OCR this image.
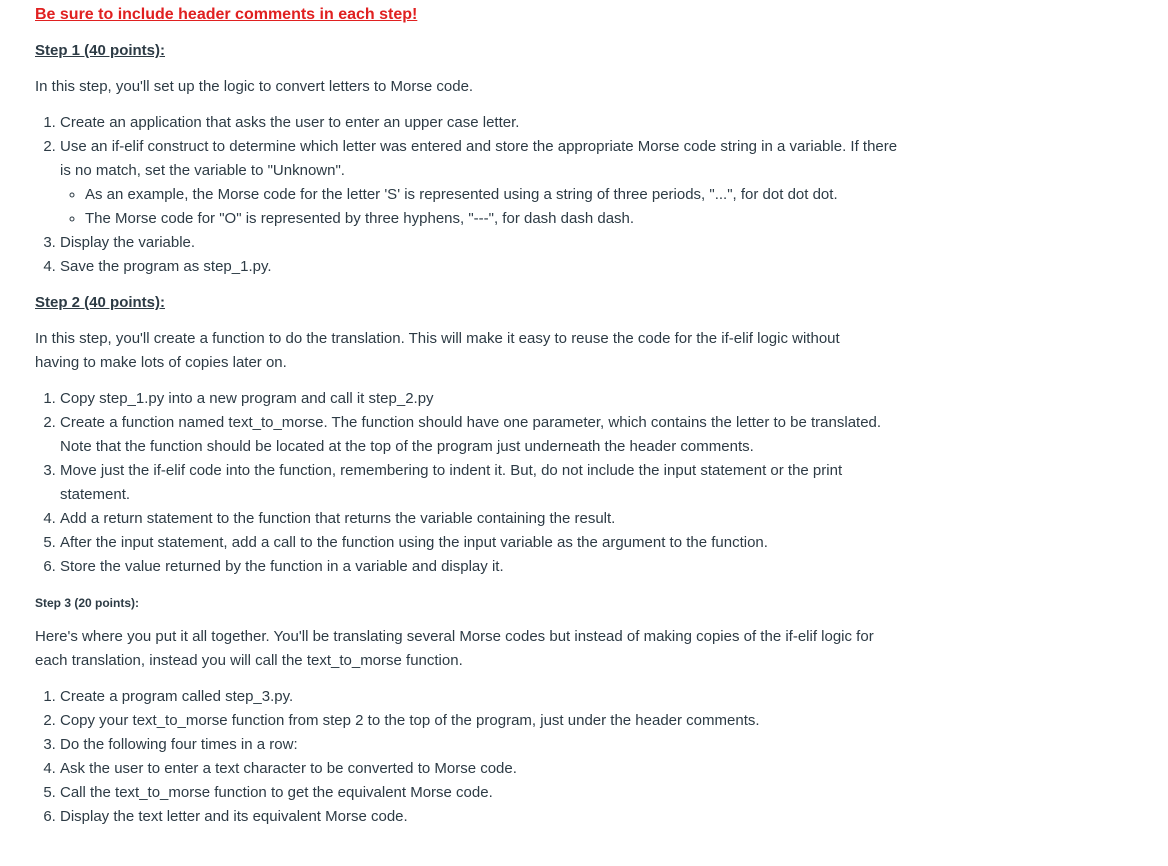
Be sure to include header comments in each step!
Step 1 (40 points):

In this step, you'll set up the logic to convert letters to Morse code.

1. Create an application that asks the user to enter an upper case letter.
2. Use an if-elif construct to determine which letter was entered and store the appropriate Morse code string in a variable. If there is no match, set the variable to "Unknown".
◦ As an example, the Morse code for the letter 'S' is represented using a string of three periods, "...", for dot dot dot.
◦ The Morse code for "O" is represented by three hyphens, "---", for dash dash dash.
3. Display the variable.
4. Save the program as step_1.py.
Step 2 (40 points):

In this step, you'll create a function to do the translation. This will make it easy to reuse the code for the if-elif logic without having to make lots of copies later on.

1. Copy step_1.py into a new program and call it step_2.py
2. Create a function named text_to_morse. The function should have one parameter, which contains the letter to be translated. Note that the function should be located at the top of the program just underneath the header comments.
3. Move just the if-elif code into the function, remembering to indent it. But, do not include the input statement or the print statement.
4. Add a return statement to the function that returns the variable containing the result.
5. After the input statement, add a call to the function using the input variable as the argument to the function.
6. Store the value returned by the function in a variable and display it.
Step 3 (20 points):

Here's where you put it all together. You'll be translating several Morse codes but instead of making copies of the if-elif logic for each translation, instead you will call the text_to_morse function.

1. Create a program called step_3.py.
2. Copy your text_to_morse function from step 2 to the top of the program, just under the header comments.
3. Do the following four times in a row:
4. Ask the user to enter a text character to be converted to Morse code.
5. Call the text_to_morse function to get the equivalent Morse code.
6. Display the text letter and its equivalent Morse code.
